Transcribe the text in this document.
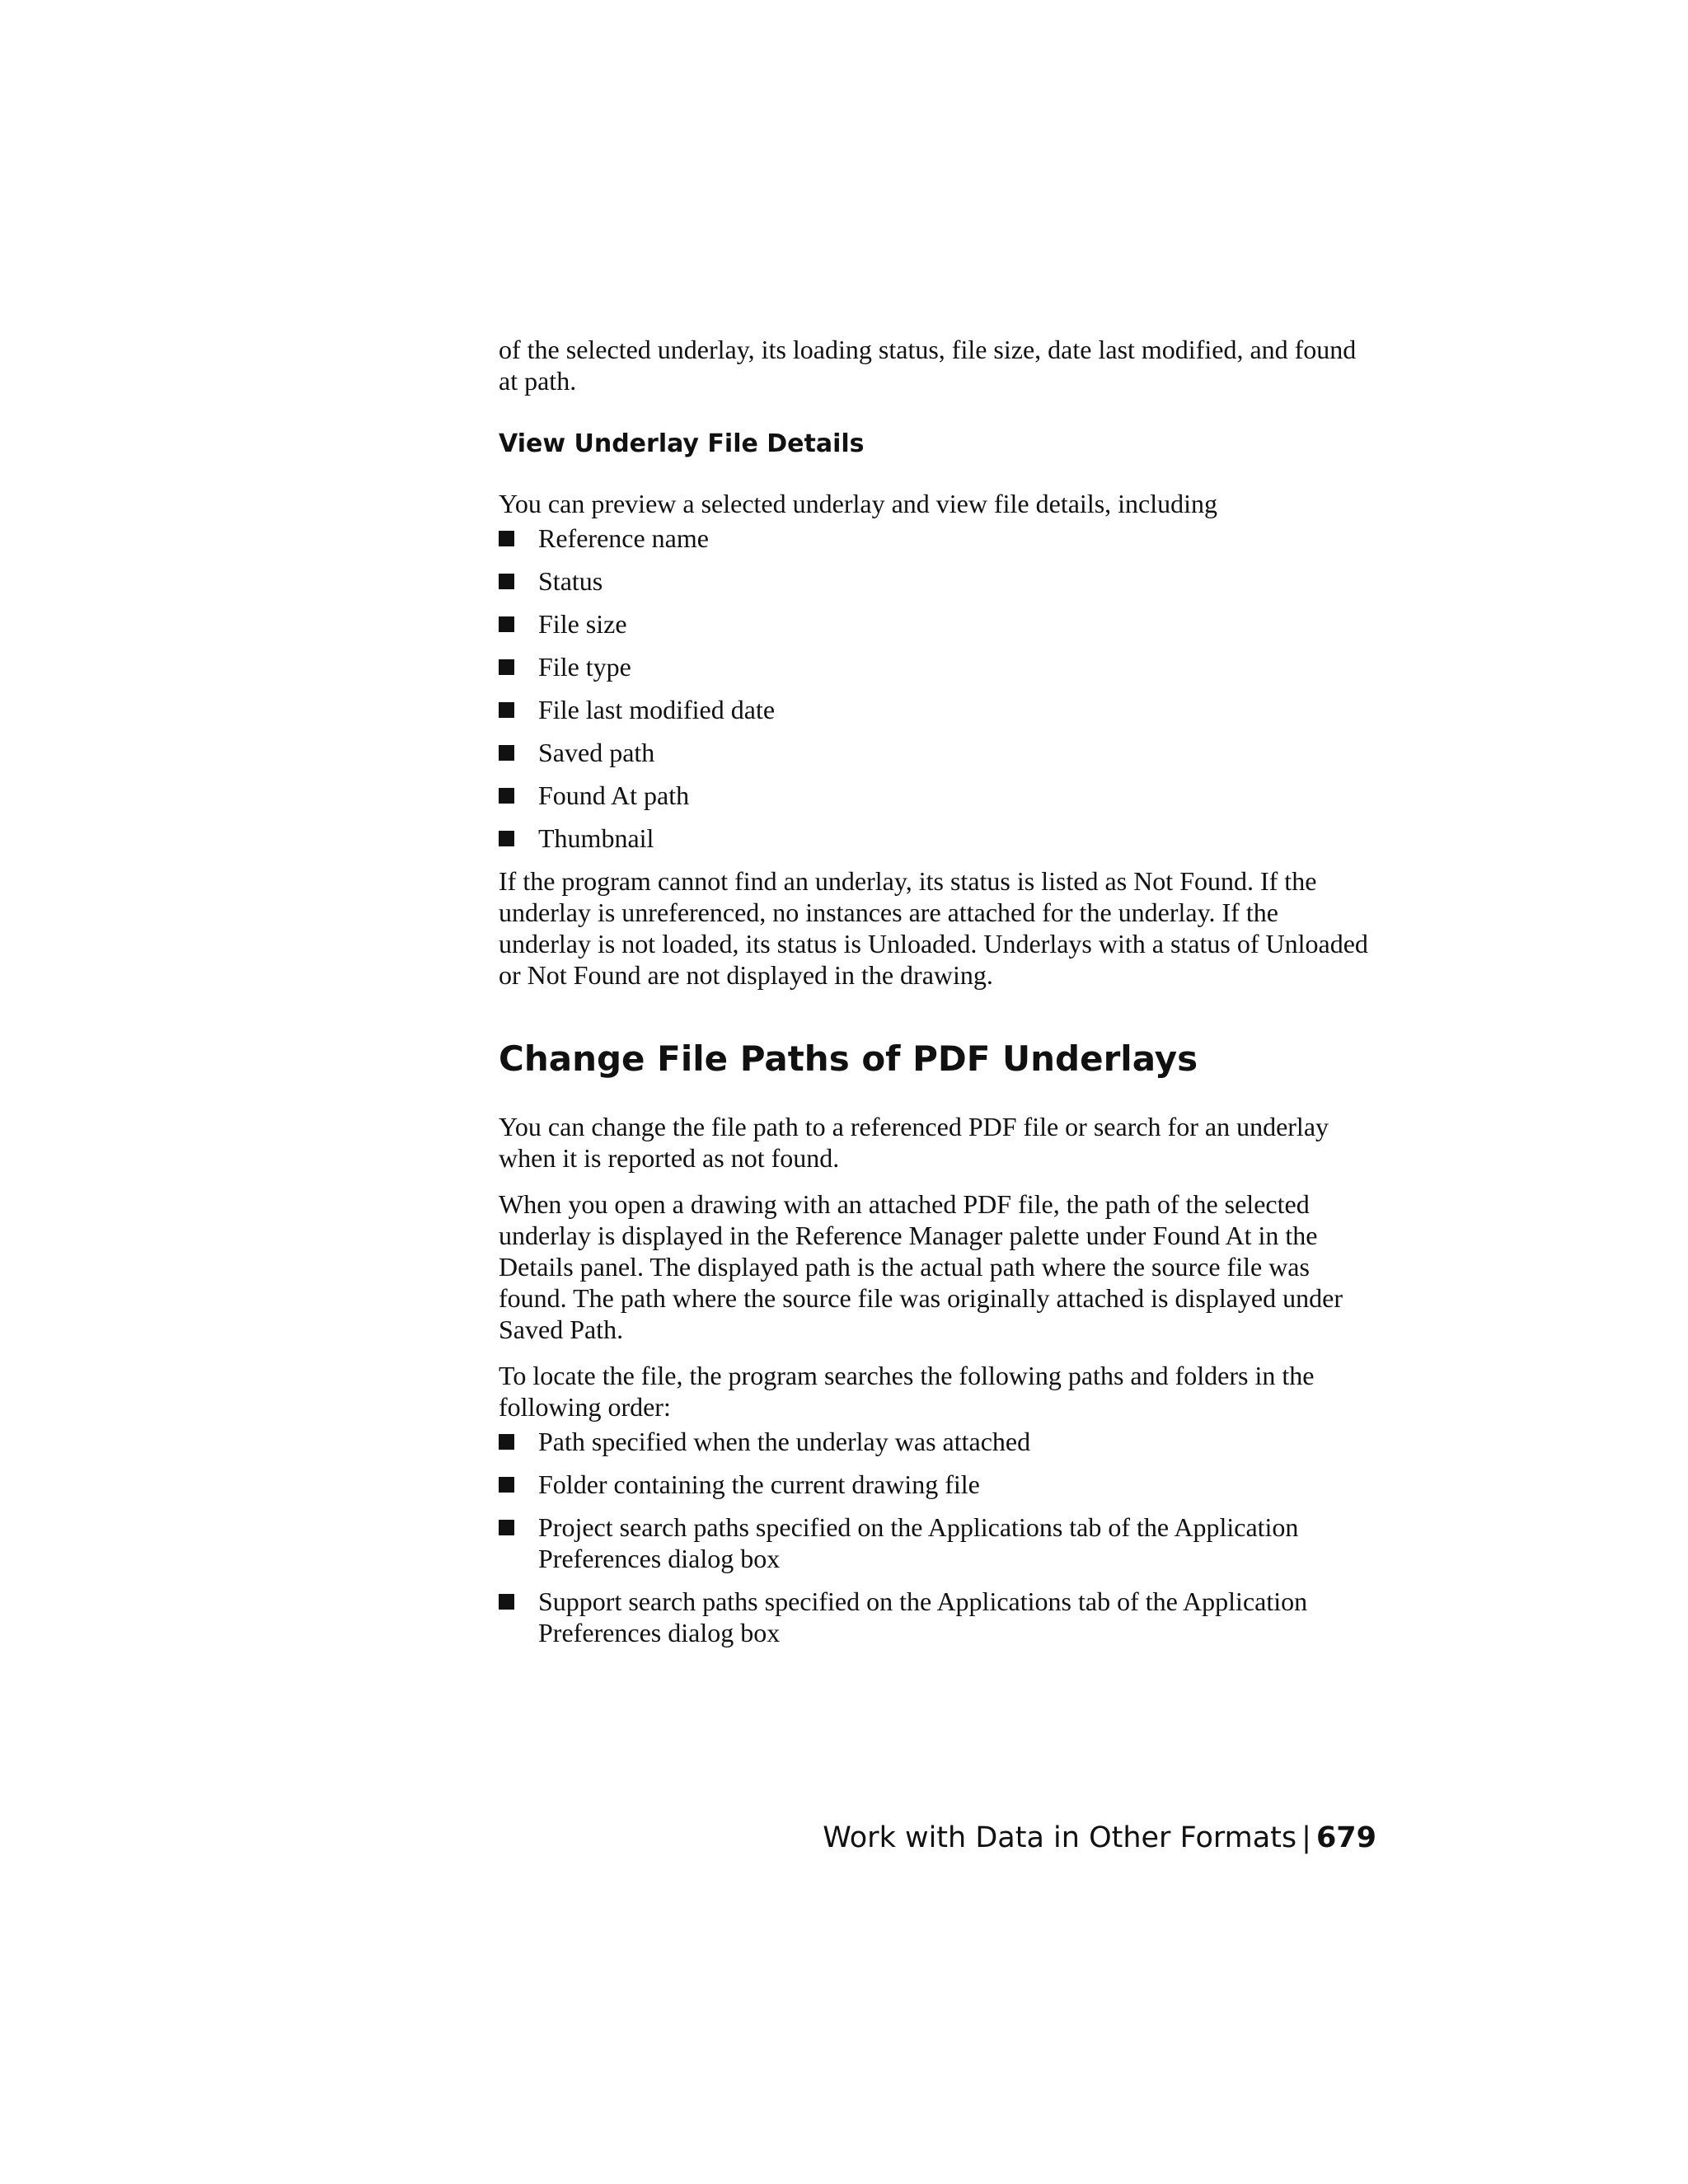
of the selected underlay, its loading status, file size, date last modified, and found at path.

View Underlay File Details

You can preview a selected underlay and view file details, including

Reference name
Status
File size
File type
File last modified date
Saved path
Found At path
Thumbnail

If the program cannot find an underlay, its status is listed as Not Found. If the underlay is unreferenced, no instances are attached for the underlay. If the underlay is not loaded, its status is Unloaded. Underlays with a status of Unloaded or Not Found are not displayed in the drawing.

Change File Paths of PDF Underlays

You can change the file path to a referenced PDF file or search for an underlay when it is reported as not found.

When you open a drawing with an attached PDF file, the path of the selected underlay is displayed in the Reference Manager palette under Found At in the Details panel. The displayed path is the actual path where the source file was found. The path where the source file was originally attached is displayed under Saved Path.

To locate the file, the program searches the following paths and folders in the following order:

Path specified when the underlay was attached
Folder containing the current drawing file
Project search paths specified on the Applications tab of the Application Preferences dialog box
Support search paths specified on the Applications tab of the Application Preferences dialog box
Work with Data in Other Formats | 679
